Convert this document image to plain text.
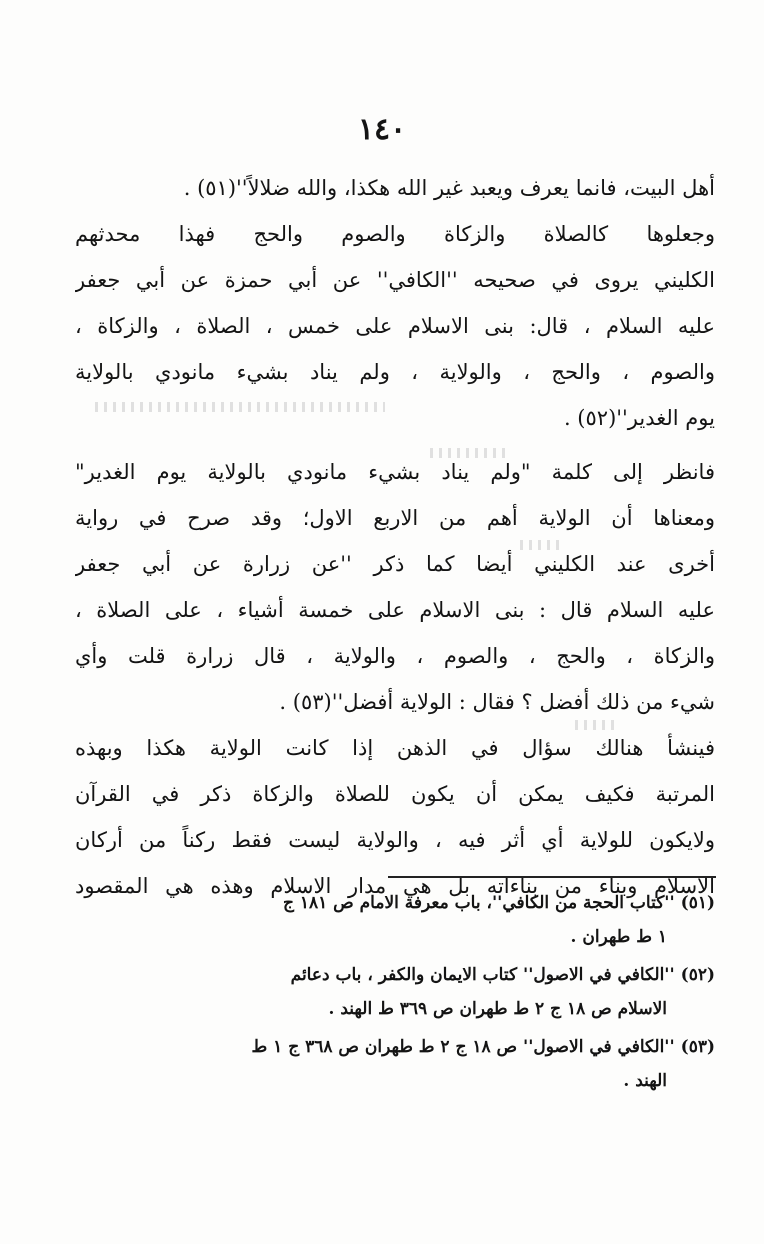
١٤٠
أهل البيت، فانما يعرف ويعبد غير الله هكذا، والله ضلالاً''(٥١) .
وجعلوها كالصلاة والزكاة والصوم والحج فهذا محدثهم
الكليني يروى في صحيحه ''الكافي'' عن أبي حمزة عن أبي جعفر
عليه السلام ، قال: بنى الاسلام على خمس ، الصلاة ، والزكاة ،
والصوم ، والحج ، والولاية ، ولم يناد بشيء مانودي بالولاية
يوم الغدير''(٥٢) .
فانظر إلى كلمة "ولم يناد بشيء مانودي بالولاية يوم الغدير"
ومعناها أن الولاية أهم من الاربع الاول؛ وقد صرح في رواية
أخرى عند الكليني أيضا كما ذكر ''عن زرارة عن أبي جعفر
عليه السلام قال : بنى الاسلام على خمسة أشياء ، على الصلاة ،
والزكاة ، والحج ، والصوم ، والولاية ، قال زرارة قلت وأي
شيء من ذلك أفضل ؟ فقال : الولاية أفضل''(٥٣) .
فينشأ هنالك سؤال في الذهن إذا كانت الولاية هكذا وبهذه
المرتبة فكيف يمكن أن يكون للصلاة والزكاة ذكر في القرآن
ولايكون للولاية أي أثر فيه ، والولاية ليست فقط ركناً من أركان
الاسلام وبناء من بناءاته بل هي مدار الاسلام وهذه هي المقصود
(٥١) ''كتاب الحجة من الكافي''، باب معرفة الامام ص ١٨١ ج
١ ط طهران .
(٥٢) ''الكافي في الاصول'' كتاب الايمان والكفر ، باب دعائم
الاسلام ص ١٨ ج ٢ ط طهران ص ٣٦٩ ط الهند .
(٥٣) ''الكافي في الاصول'' ص ١٨ ج ٢ ط طهران ص ٣٦٨ ج ١ ط
الهند .
